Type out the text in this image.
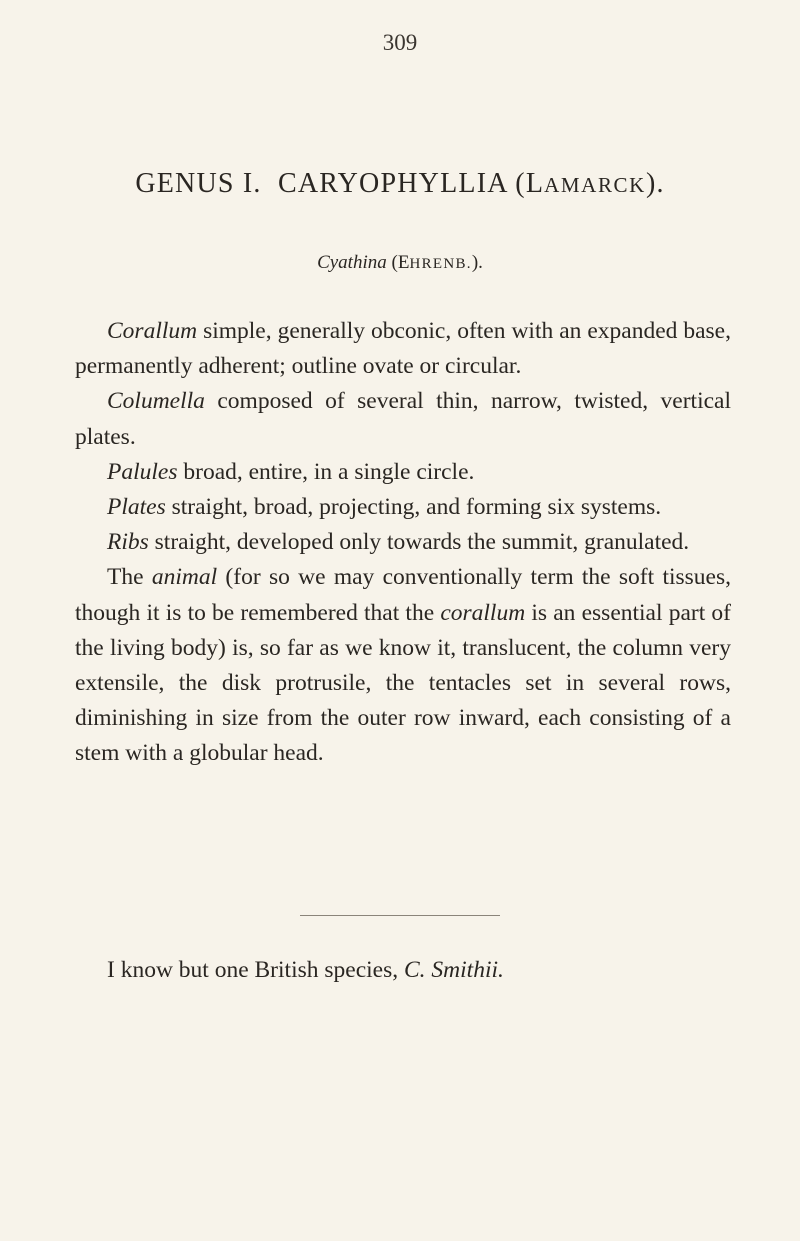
309
GENUS I. CARYOPHYLLIA (LAMARCK).
Cyathina (EHRENB.).

Corallum simple, generally obconic, often with an expanded base, permanently adherent; outline ovate or circular.

Columella composed of several thin, narrow, twisted, vertical plates.

Palules broad, entire, in a single circle.

Plates straight, broad, projecting, and forming six systems.

Ribs straight, developed only towards the summit, granulated.

The animal (for so we may conventionally term the soft tissues, though it is to be remembered that the corallum is an essential part of the living body) is, so far as we know it, translucent, the column very extensile, the disk protrusile, the tentacles set in several rows, diminishing in size from the outer row inward, each consisting of a stem with a globular head.

I know but one British species, C. Smithii.
